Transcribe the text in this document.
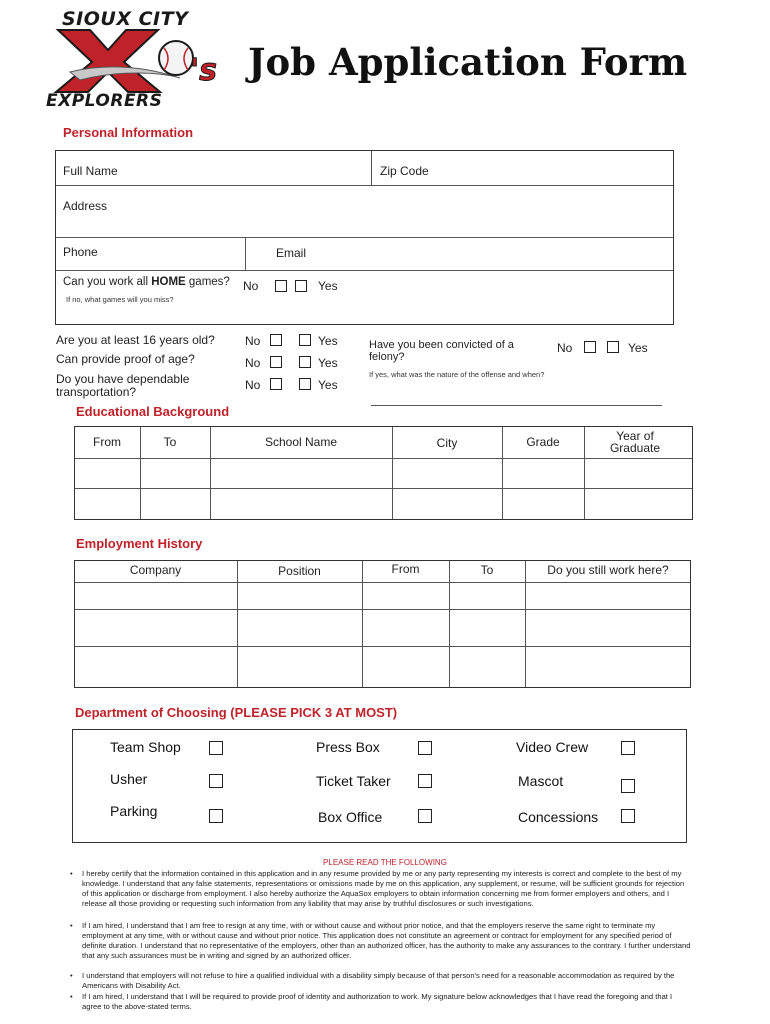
SIOUX CITY
's
EXPLORERS
Job Application Form
Personal Information
Full Name	Zip Code
Address
Phone	Email
Can you work all HOME games? No	Yes
If no, what games will you miss?
Are you at least 16 years old?	No	Yes
Can provide proof of age?	No	Yes
Do you have dependable transportation?	No	Yes
Have you been convicted of a felony?
No	Yes
If yes, what was the nature of the offense and when?
Educational Background
From	To	School Name	City	Grade	Year of Graduate
Employment History
Company	Position	From	To	Do you still work here?
Department of Choosing (PLEASE PICK 3 AT MOST)
Team Shop	Press Box	Video Crew
Usher	Ticket Taker	Mascot
Parking	Box Office	Concessions
PLEASE READ THE FOLLOWING
• I hereby certify that the information contained in this application and in any resume provided by me or any party representing my interests is correct and complete to the best of my knowledge. I understand that any false statements, representations or omissions made by me on this application, any supplement, or resume, will be sufficient grounds for rejection of this application or discharge from employment. I also hereby authorize the AquaSox employers to obtain information concerning me from former employers and others, and I release all those providing or requesting such information from any liability that may arise by truthful disclosures or such investigations.
• If I am hired, I understand that I am free to resign at any time, with or without cause and without prior notice, and that the employers reserve the same right to terminate my employment at any time, with or without cause and without prior notice. This application does not constitute an agreement or contract for employment for any specified period of definite duration. I understand that no representative of the employers, other than an authorized officer, has the authority to make any assurances to the contrary. I further understand that any such assurances must be in writing and signed by an authorized officer.
• I understand that employers will not refuse to hire a qualified individual with a disability simply because of that person's need for a reasonable accommodation as required by the Americans with Disability Act.
• If I am hired, I understand that I will be required to provide proof of identity and authorization to work. My signature below acknowledges that I have read the foregoing and that I agree to the above-stated terms.
